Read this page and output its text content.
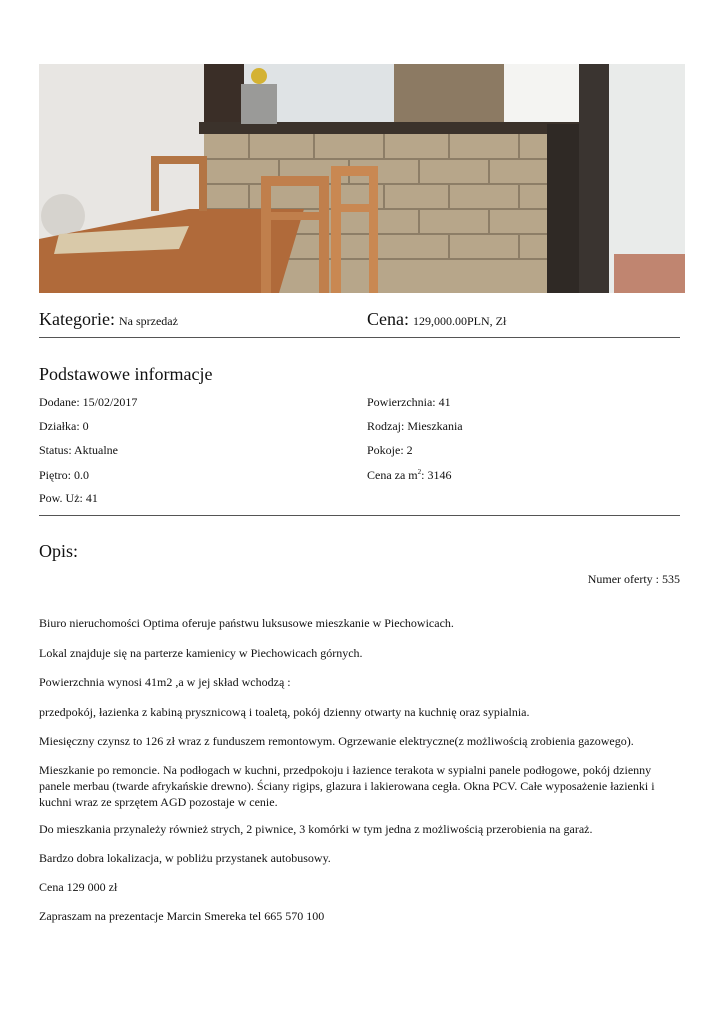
Kategorie: Na sprzedaż	Cena: 129,000.00PLN, Zł
Podstawowe informacje
Dodane: 15/02/2017
Działka: 0
Status: Aktualne
Piętro: 0.0
Pow. Uż: 41
Powierzchnia: 41
Rodzaj: Mieszkania
Pokoje: 2
Cena za $m^2$: 3146
Opis:
Numer oferty : 535
Biuro nieruchomości Optima oferuje państwu luksusowe mieszkanie w Piechowicach.
Lokal znajduje się na parterze kamienicy w Piechowicach górnych.
Powierzchnia wynosi 41m2 ,a w jej skład wchodzą :
przedpokój, łazienka z kabiną prysznicową i toaletą, pokój dzienny otwarty na kuchnię oraz sypialnia.
Miesięczny czynsz to 126 zł wraz z funduszem remontowym. Ogrzewanie elektryczne(z możliwością zrobienia gazowego).
Mieszkanie po remoncie. Na podłogach w kuchni, przedpokoju i łazience terakota w sypialni panele podłogowe, pokój dzienny panele merbau (twarde afrykańskie drewno). Ściany rigips, glazura i lakierowana cegła. Okna PCV. Całe wyposażenie łazienki i kuchni wraz ze sprzętem AGD pozostaje w cenie.
Do mieszkania przynależy również strych, 2 piwnice, 3 komórki w tym jedna z możliwością przerobienia na garaż.
Bardzo dobra lokalizacja, w pobliżu przystanek autobusowy.
Cena 129 000 zł
Zapraszam na prezentacje Marcin Smereka tel 665 570 100
